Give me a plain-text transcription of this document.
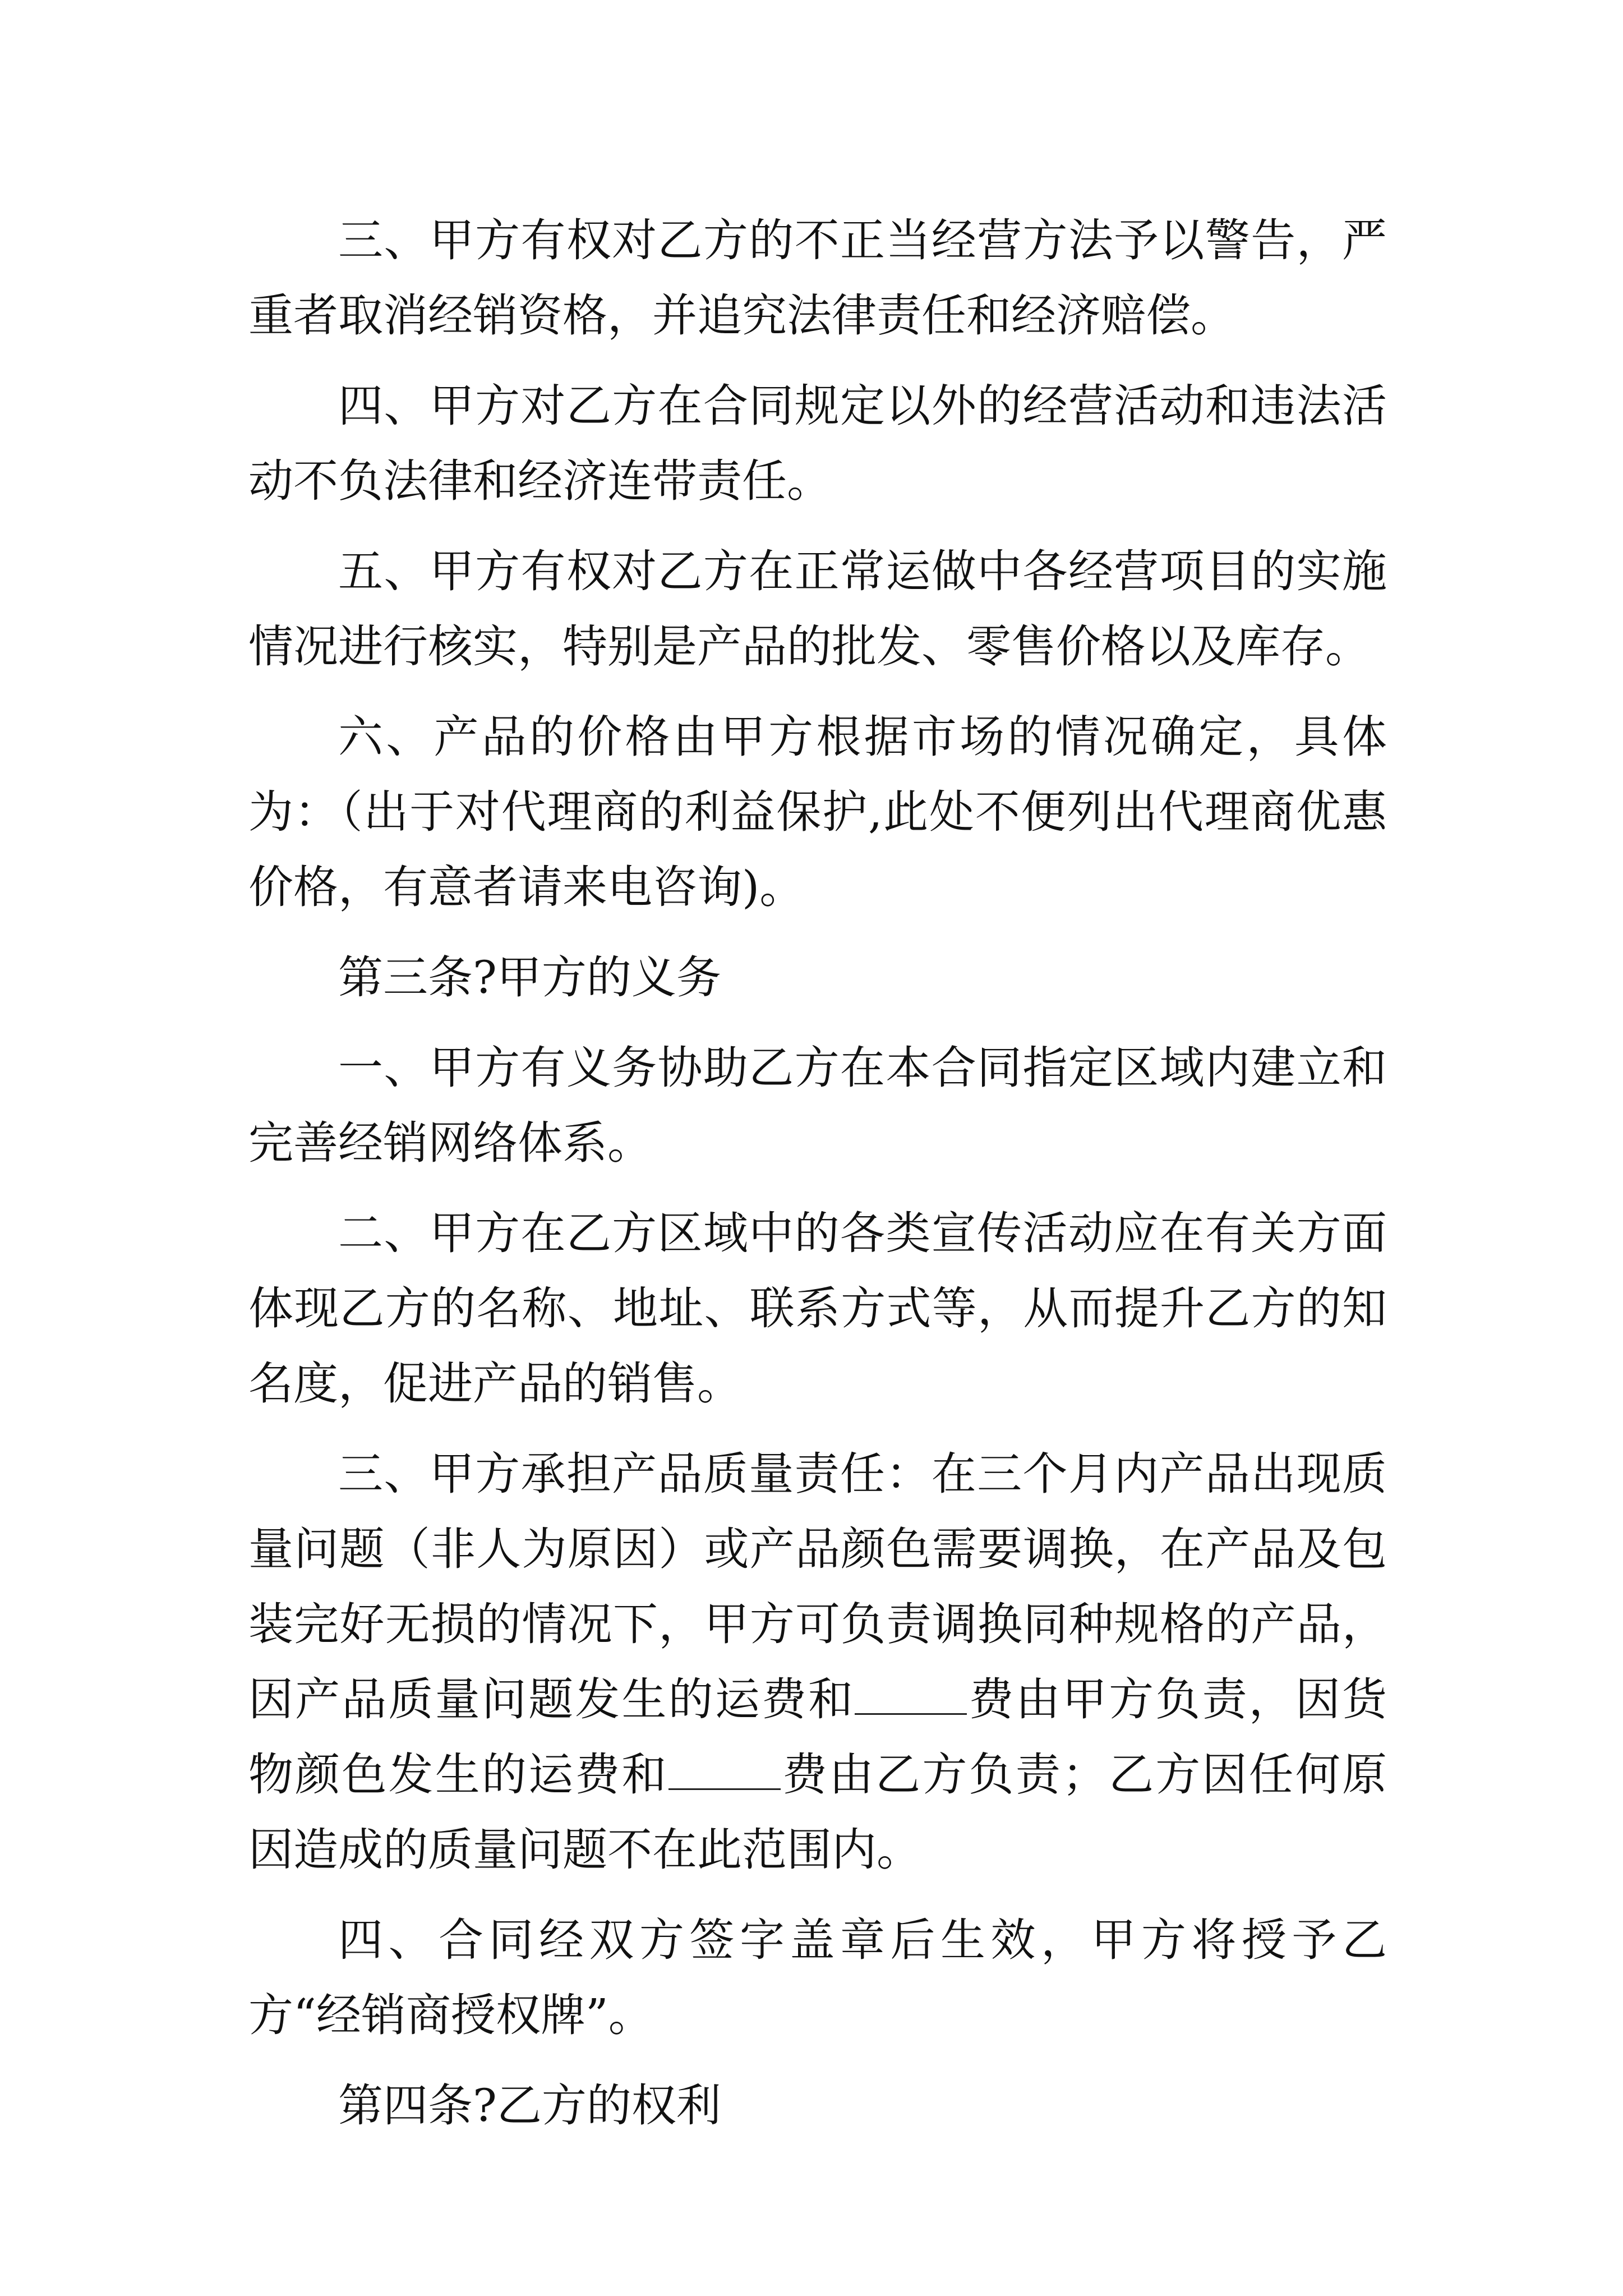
三、甲方有权对乙方的不正当经营方法予以警告，严重者取消经销资格，并追究法律责任和经济赔偿。

四、甲方对乙方在合同规定以外的经营活动和违法活动不负法律和经济连带责任。

五、甲方有权对乙方在正常运做中各经营项目的实施情况进行核实，特别是产品的批发、零售价格以及库存。

六、产品的价格由甲方根据市场的情况确定，具体为：（出于对代理商的利益保护,此处不便列出代理商优惠价格，有意者请来电咨询)。

第三条?甲方的义务

一、甲方有义务协助乙方在本合同指定区域内建立和完善经销网络体系。

二、甲方在乙方区域中的各类宣传活动应在有关方面体现乙方的名称、地址、联系方式等，从而提升乙方的知名度，促进产品的销售。

三、甲方承担产品质量责任：在三个月内产品出现质量问题（非人为原因）或产品颜色需要调换，在产品及包装完好无损的情况下，甲方可负责调换同种规格的产品，因产品质量问题发生的运费和	费由甲方负责，因货物颜色发生的运费和	费由乙方负责；乙方因任何原因造成的质量问题不在此范围内。

四、合同经双方签字盖章后生效，甲方将授予乙方“经销商授权牌”。

第四条?乙方的权利
